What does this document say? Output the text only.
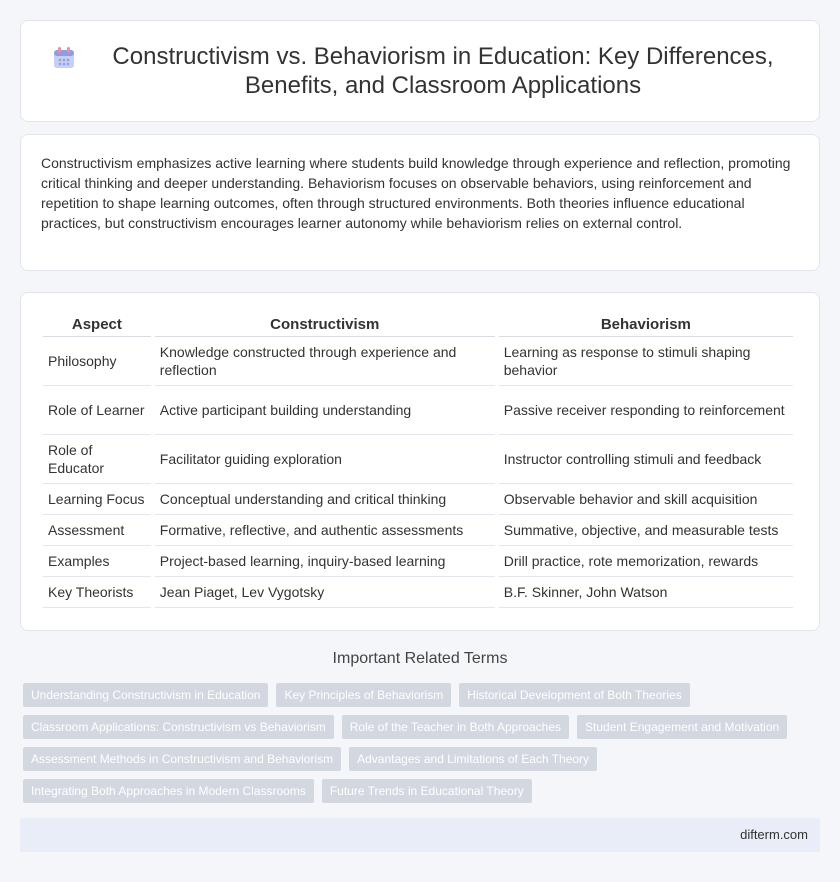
Constructivism vs. Behaviorism in Education: Key Differences, Benefits, and Classroom Applications

Constructivism emphasizes active learning where students build knowledge through experience and reflection, promoting critical thinking and deeper understanding. Behaviorism focuses on observable behaviors, using reinforcement and repetition to shape learning outcomes, often through structured environments. Both theories influence educational practices, but constructivism encourages learner autonomy while behaviorism relies on external control.

Aspect	Constructivism	Behaviorism
Philosophy	Knowledge constructed through experience and reflection	Learning as response to stimuli shaping behavior
Role of Learner	Active participant building understanding	Passive receiver responding to reinforcement
Role of Educator	Facilitator guiding exploration	Instructor controlling stimuli and feedback
Learning Focus	Conceptual understanding and critical thinking	Observable behavior and skill acquisition
Assessment	Formative, reflective, and authentic assessments	Summative, objective, and measurable tests
Examples	Project-based learning, inquiry-based learning	Drill practice, rote memorization, rewards
Key Theorists	Jean Piaget, Lev Vygotsky	B.F. Skinner, John Watson
Important Related Terms
Understanding Constructivism in Education	Key Principles of Behaviorism	Historical Development of Both Theories
Classroom Applications: Constructivism vs Behaviorism	Role of the Teacher in Both Approaches	Student Engagement and Motivation
Assessment Methods in Constructivism and Behaviorism	Advantages and Limitations of Each Theory
Integrating Both Approaches in Modern Classrooms	Future Trends in Educational Theory
difterm.com
